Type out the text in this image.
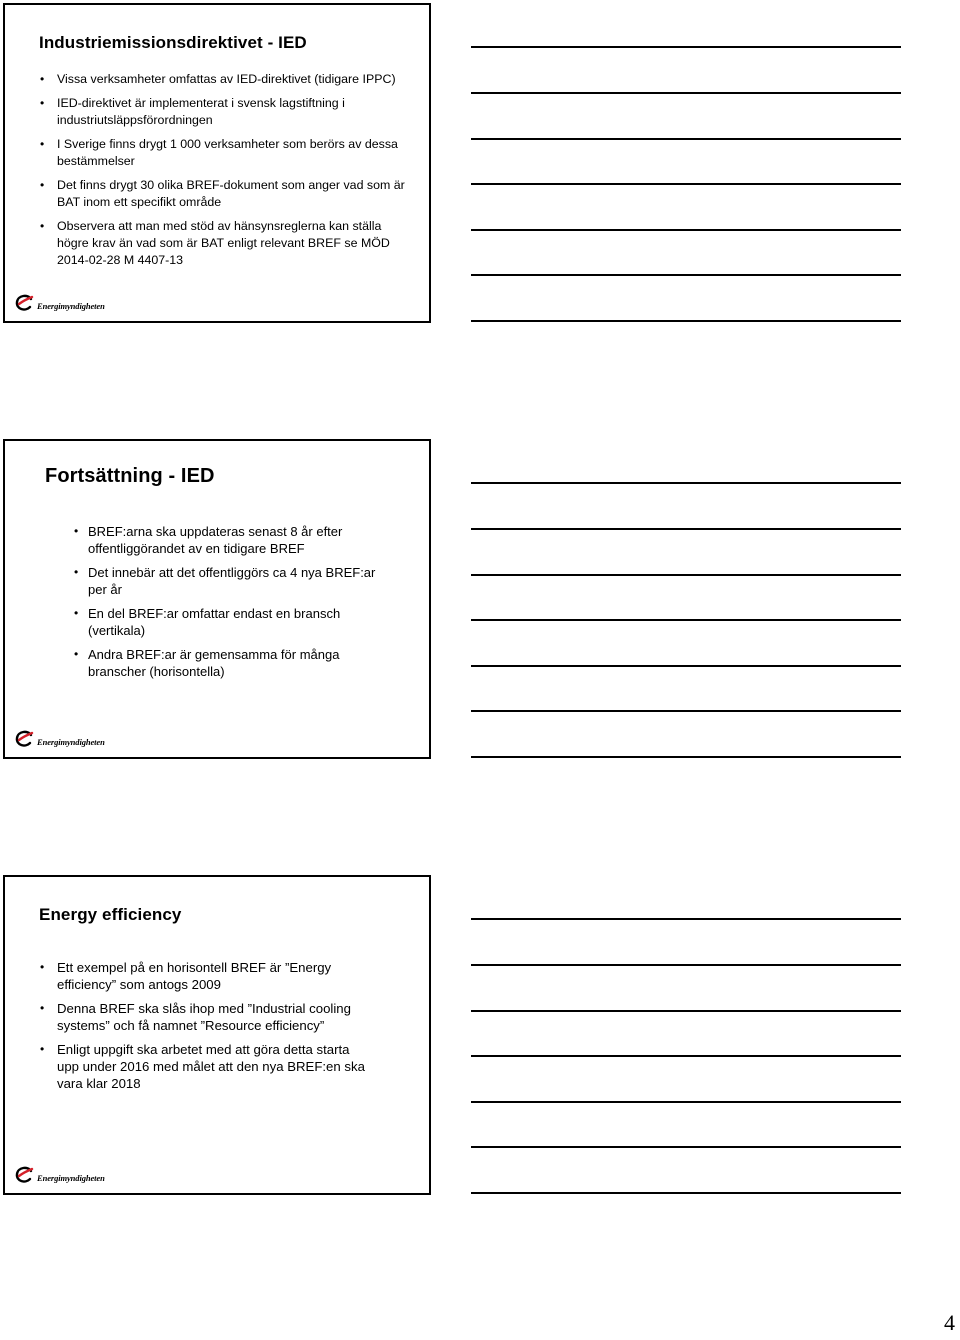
Industriemissionsdirektivet - IED
• Vissa verksamheter omfattas av IED-direktivet (tidigare IPPC)
• IED-direktivet är implementerat i svensk lagstiftning i industriutsläppsförordningen
• I Sverige finns drygt 1 000 verksamheter som berörs av dessa bestämmelser
• Det finns drygt 30 olika BREF-dokument som anger vad som är BAT inom ett specifikt område
• Observera att man med stöd av hänsynsreglerna kan ställa högre krav än vad som är BAT enligt relevant BREF se MÖD 2014-02-28 M 4407-13
Energimyndigheten
Fortsättning - IED
• BREF:arna ska uppdateras senast 8 år efter offentliggörandet av en tidigare BREF
• Det innebär att det offentliggörs ca 4 nya BREF:ar per år
• En del BREF:ar omfattar endast en bransch (vertikala)
• Andra BREF:ar är gemensamma för många branscher (horisontella)
Energimyndigheten
Energy efficiency
• Ett exempel på en horisontell BREF är ”Energy efficiency” som antogs 2009
• Denna BREF ska slås ihop med ”Industrial cooling systems” och få namnet ”Resource efficiency”
• Enligt uppgift ska arbetet med att göra detta starta upp under 2016 med målet att den nya BREF:en ska vara klar 2018
Energimyndigheten
4
